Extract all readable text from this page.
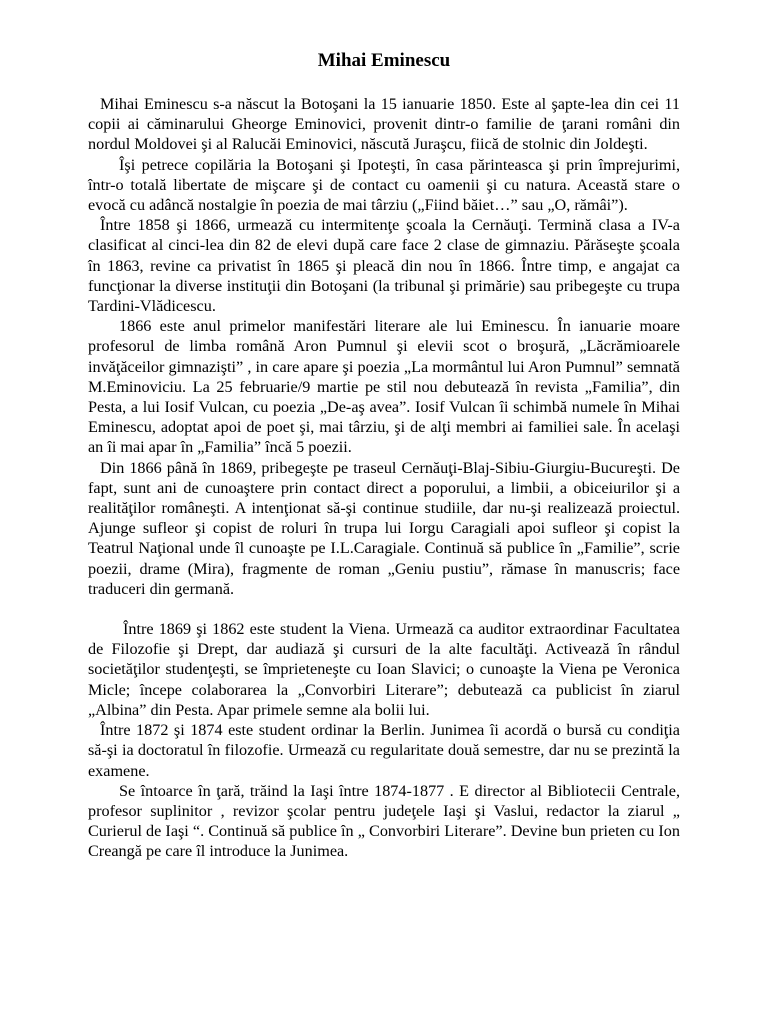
Mihai Eminescu

Mihai Eminescu s-a născut la Botoşani la 15 ianuarie 1850. Este al şapte-lea din cei 11 copii ai căminarului Gheorge Eminovici, provenit dintr-o familie de ţarani români din nordul Moldovei şi al Ralucăi Eminovici, născută Juraşcu, fiică de stolnic din Joldeşti.

Îşi petrece copilăria la Botoşani şi Ipoteşti, în casa părinteasca şi prin împrejurimi, într-o totală libertate de mişcare şi de contact cu oamenii şi cu natura. Această stare o evocă cu adâncă nostalgie în poezia de mai târziu („Fiind băiet…” sau „O, rămâi”).

Între 1858 şi 1866, urmează cu intermitenţe şcoala la Cernăuţi. Termină clasa a IV-a clasificat al cinci-lea din 82 de elevi după care face 2 clase de gimnaziu. Părăseşte şcoala în 1863, revine ca privatist în 1865 şi pleacă din nou în 1866. Între timp, e angajat ca funcţionar la diverse instituţii din Botoşani (la tribunal şi primărie) sau pribegeşte cu trupa Tardini-Vlădicescu.

1866 este anul primelor manifestări literare ale lui Eminescu. În ianuarie moare profesorul de limba română Aron Pumnul şi elevii scot o broşură, „Lăcrămioarele invăţăceilor gimnazişti” , in care apare şi poezia „La mormântul lui Aron Pumnul” semnată M.Eminoviciu. La 25 februarie/9 martie pe stil nou debutează în revista „Familia”, din Pesta, a lui Iosif Vulcan, cu poezia „De-aş avea”. Iosif Vulcan îi schimbă numele în Mihai Eminescu, adoptat apoi de poet şi, mai târziu, şi de alţi membri ai familiei sale. În acelaşi an îi mai apar în „Familia” încă 5 poezii.

Din 1866 până în 1869, pribegeşte pe traseul Cernăuţi-Blaj-Sibiu-Giurgiu-Bucureşti. De fapt, sunt ani de cunoaştere prin contact direct a poporului, a limbii, a obiceiurilor şi a realităţilor româneşti. A intenţionat să-şi continue studiile, dar nu-şi realizează proiectul. Ajunge sufleor şi copist de roluri în trupa lui Iorgu Caragiali apoi sufleor şi copist la Teatrul Naţional unde îl cunoaşte pe I.L.Caragiale. Continuă să publice în „Familie”, scrie poezii, drame (Mira), fragmente de roman „Geniu pustiu”, rămase în manuscris; face traduceri din germană.

Între 1869 şi 1862 este student la Viena. Urmează ca auditor extraordinar Facultatea de Filozofie şi Drept, dar audiază şi cursuri de la alte facultăţi. Activează în rândul societăţilor studenţeşti, se împrieteneşte cu Ioan Slavici; o cunoaşte la Viena pe Veronica Micle; începe colaborarea la „Convorbiri Literare”; debutează ca publicist în ziarul „Albina” din Pesta. Apar primele semne ala bolii lui.

Între 1872 şi 1874 este student ordinar la Berlin. Junimea îi acordă o bursă cu condiţia să-şi ia doctoratul în filozofie. Urmează cu regularitate două semestre, dar nu se prezintă la examene.

Se întoarce în ţară, trăind la Iaşi între 1874-1877 . E director al Bibliotecii Centrale, profesor suplinitor , revizor şcolar pentru judeţele Iaşi şi Vaslui, redactor la ziarul „ Curierul de Iaşi “. Continuă să publice în „ Convorbiri Literare”. Devine bun prieten cu Ion Creangă pe care îl introduce la Junimea.
